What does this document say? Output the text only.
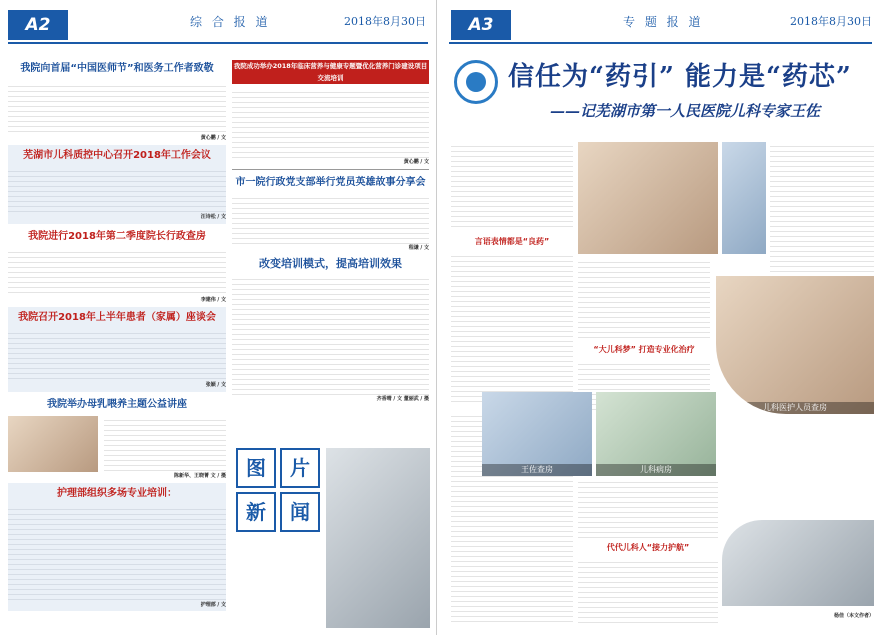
A2	综 合 报 道	2018年8月30日
我院向首届“中国医师节”和医务工作者致敬
黄心鹏 / 文
芜湖市儿科质控中心召开2018年工作会议
汪诗松 / 文
我院进行2018年第二季度院长行政查房
李建伟 / 文
我院召开2018年上半年患者（家属）座谈会
张颖 / 文
我院举办母乳喂养主题公益讲座
陈新华、王晓菁 文 / 摄
护理部组织多场专业培训：
护理部 / 文
我院成功举办2018年临床营养与健康专题暨优化营养门诊建设项目交流培训
黄心鹏 / 文
市一院行政党支部举行党员英雄故事分享会
程谦 / 文
改变培训模式，提高培训效果
齐香晴 / 文 董丽武 / 摄
图	片
新	闻
A3	专 题 报 道	2018年8月30日
信任为“药引” 能力是“药芯”
——记芜湖市第一人民医院儿科专家王佐
言语表情都是“良药”
“大儿科梦” 打造专业化治疗
王佐查房	儿科病房
儿科医护人员查房
杨佳（本文作者）
代代儿科人“接力护航”
